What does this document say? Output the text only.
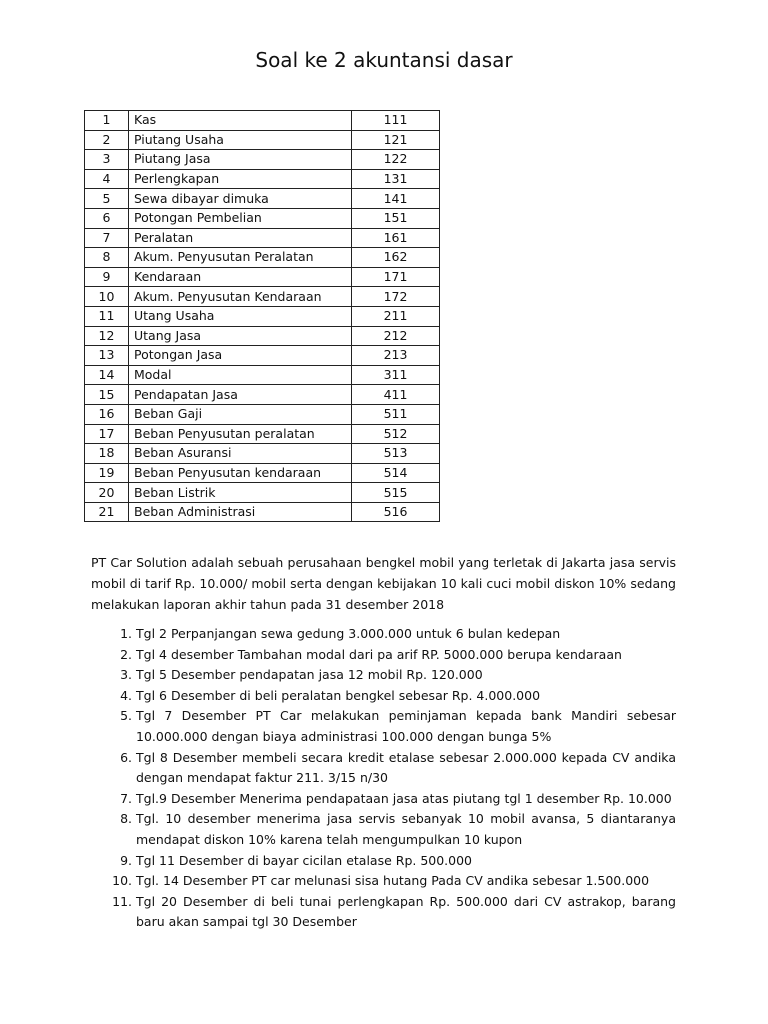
Soal ke 2 akuntansi dasar
1	Kas	111
2	Piutang Usaha	121
3	Piutang Jasa	122
4	Perlengkapan	131
5	Sewa dibayar dimuka	141
6	Potongan Pembelian	151
7	Peralatan	161
8	Akum. Penyusutan Peralatan	162
9	Kendaraan	171
10	Akum. Penyusutan Kendaraan	172
11	Utang Usaha	211
12	Utang Jasa	212
13	Potongan Jasa	213
14	Modal	311
15	Pendapatan Jasa	411
16	Beban Gaji	511
17	Beban Penyusutan peralatan	512
18	Beban Asuransi	513
19	Beban Penyusutan kendaraan	514
20	Beban Listrik	515
21	Beban Administrasi	516
PT Car Solution adalah sebuah perusahaan bengkel mobil yang terletak di Jakarta jasa servis mobil di tarif Rp. 10.000/ mobil serta dengan kebijakan 10 kali cuci mobil diskon 10% sedang melakukan laporan akhir tahun pada 31 desember 2018
1. Tgl 2 Perpanjangan sewa gedung 3.000.000 untuk 6 bulan kedepan
2. Tgl 4 desember Tambahan modal dari pa arif RP. 5000.000 berupa kendaraan
3. Tgl 5 Desember pendapatan jasa 12 mobil Rp. 120.000
4. Tgl 6 Desember di beli peralatan bengkel sebesar Rp. 4.000.000
5. Tgl 7 Desember PT Car melakukan peminjaman kepada bank Mandiri sebesar 10.000.000 dengan biaya administrasi 100.000 dengan bunga 5%
6. Tgl 8 Desember membeli secara kredit etalase sebesar 2.000.000 kepada CV andika dengan mendapat faktur 211. 3/15 n/30
7. Tgl.9 Desember Menerima pendapataan jasa atas piutang tgl 1 desember Rp. 10.000
8. Tgl. 10 desember menerima jasa servis sebanyak 10 mobil avansa, 5 diantaranya mendapat diskon 10% karena telah mengumpulkan 10 kupon
9. Tgl 11 Desember di bayar cicilan etalase Rp. 500.000
10. Tgl. 14 Desember PT car melunasi sisa hutang Pada CV andika sebesar 1.500.000
11. Tgl 20 Desember di beli tunai perlengkapan Rp. 500.000 dari CV astrakop, barang baru akan sampai tgl 30 Desember
